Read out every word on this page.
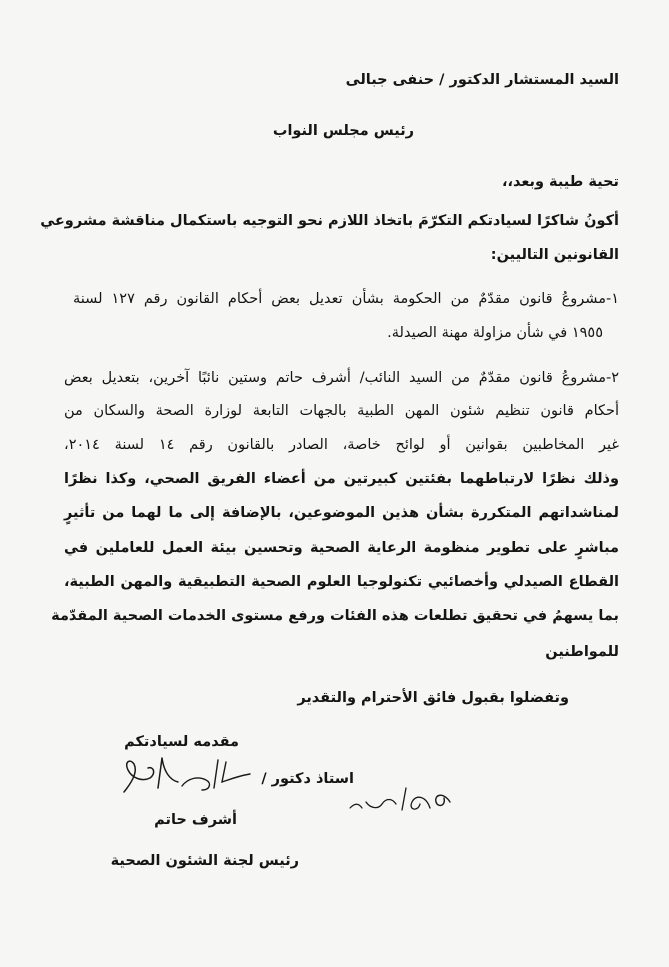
السيد المستشار الدكتور / حنفى جبالى
رئيس مجلس النواب
تحية طيبة وبعد،،
أكونُ شاكرًا لسيادتكم التكرّمَ باتخاذ اللازم نحو التوجيه باستكمال مناقشة مشروعي
القانونين التاليين:
١-مشروعُ قانون مقدّمٌ من الحكومة بشأن تعديل بعض أحكام القانون رقم ١٢٧ لسنة
١٩٥٥ في شأن مزاولة مهنة الصيدلة.
٢-مشروعُ قانون مقدّمٌ من السيد النائب/ أشرف حاتم وستين نائبًا آخرين، بتعديل بعض
أحكام قانون تنظيم شئون المهن الطبية بالجهات التابعة لوزارة الصحة والسكان من
غير المخاطبين بقوانين أو لوائح خاصة، الصادر بالقانون رقم ١٤ لسنة ٢٠١٤،
وذلك نظرًا لارتباطهما بفئتين كبيرتين من أعضاء الفريق الصحي، وكذا نظرًا
لمناشداتهم المتكررة بشأن هذين الموضوعين، بالإضافة إلى ما لهما من تأثيرٍ
مباشرٍ على تطوير منظومة الرعاية الصحية وتحسين بيئة العمل للعاملين في
القطاع الصيدلي وأخصائيي تكنولوجيا العلوم الصحية التطبيقية والمهن الطبية،
بما يسهمُ في تحقيق تطلعات هذه الفئات ورفع مستوى الخدمات الصحية المقدّمة
للمواطنين
وتفضلوا بقبول فائق الأحترام والتقدير
مقدمه لسيادتكم
استاذ دكتور /
أشرف حاتم
رئيس لجنة الشئون الصحية
